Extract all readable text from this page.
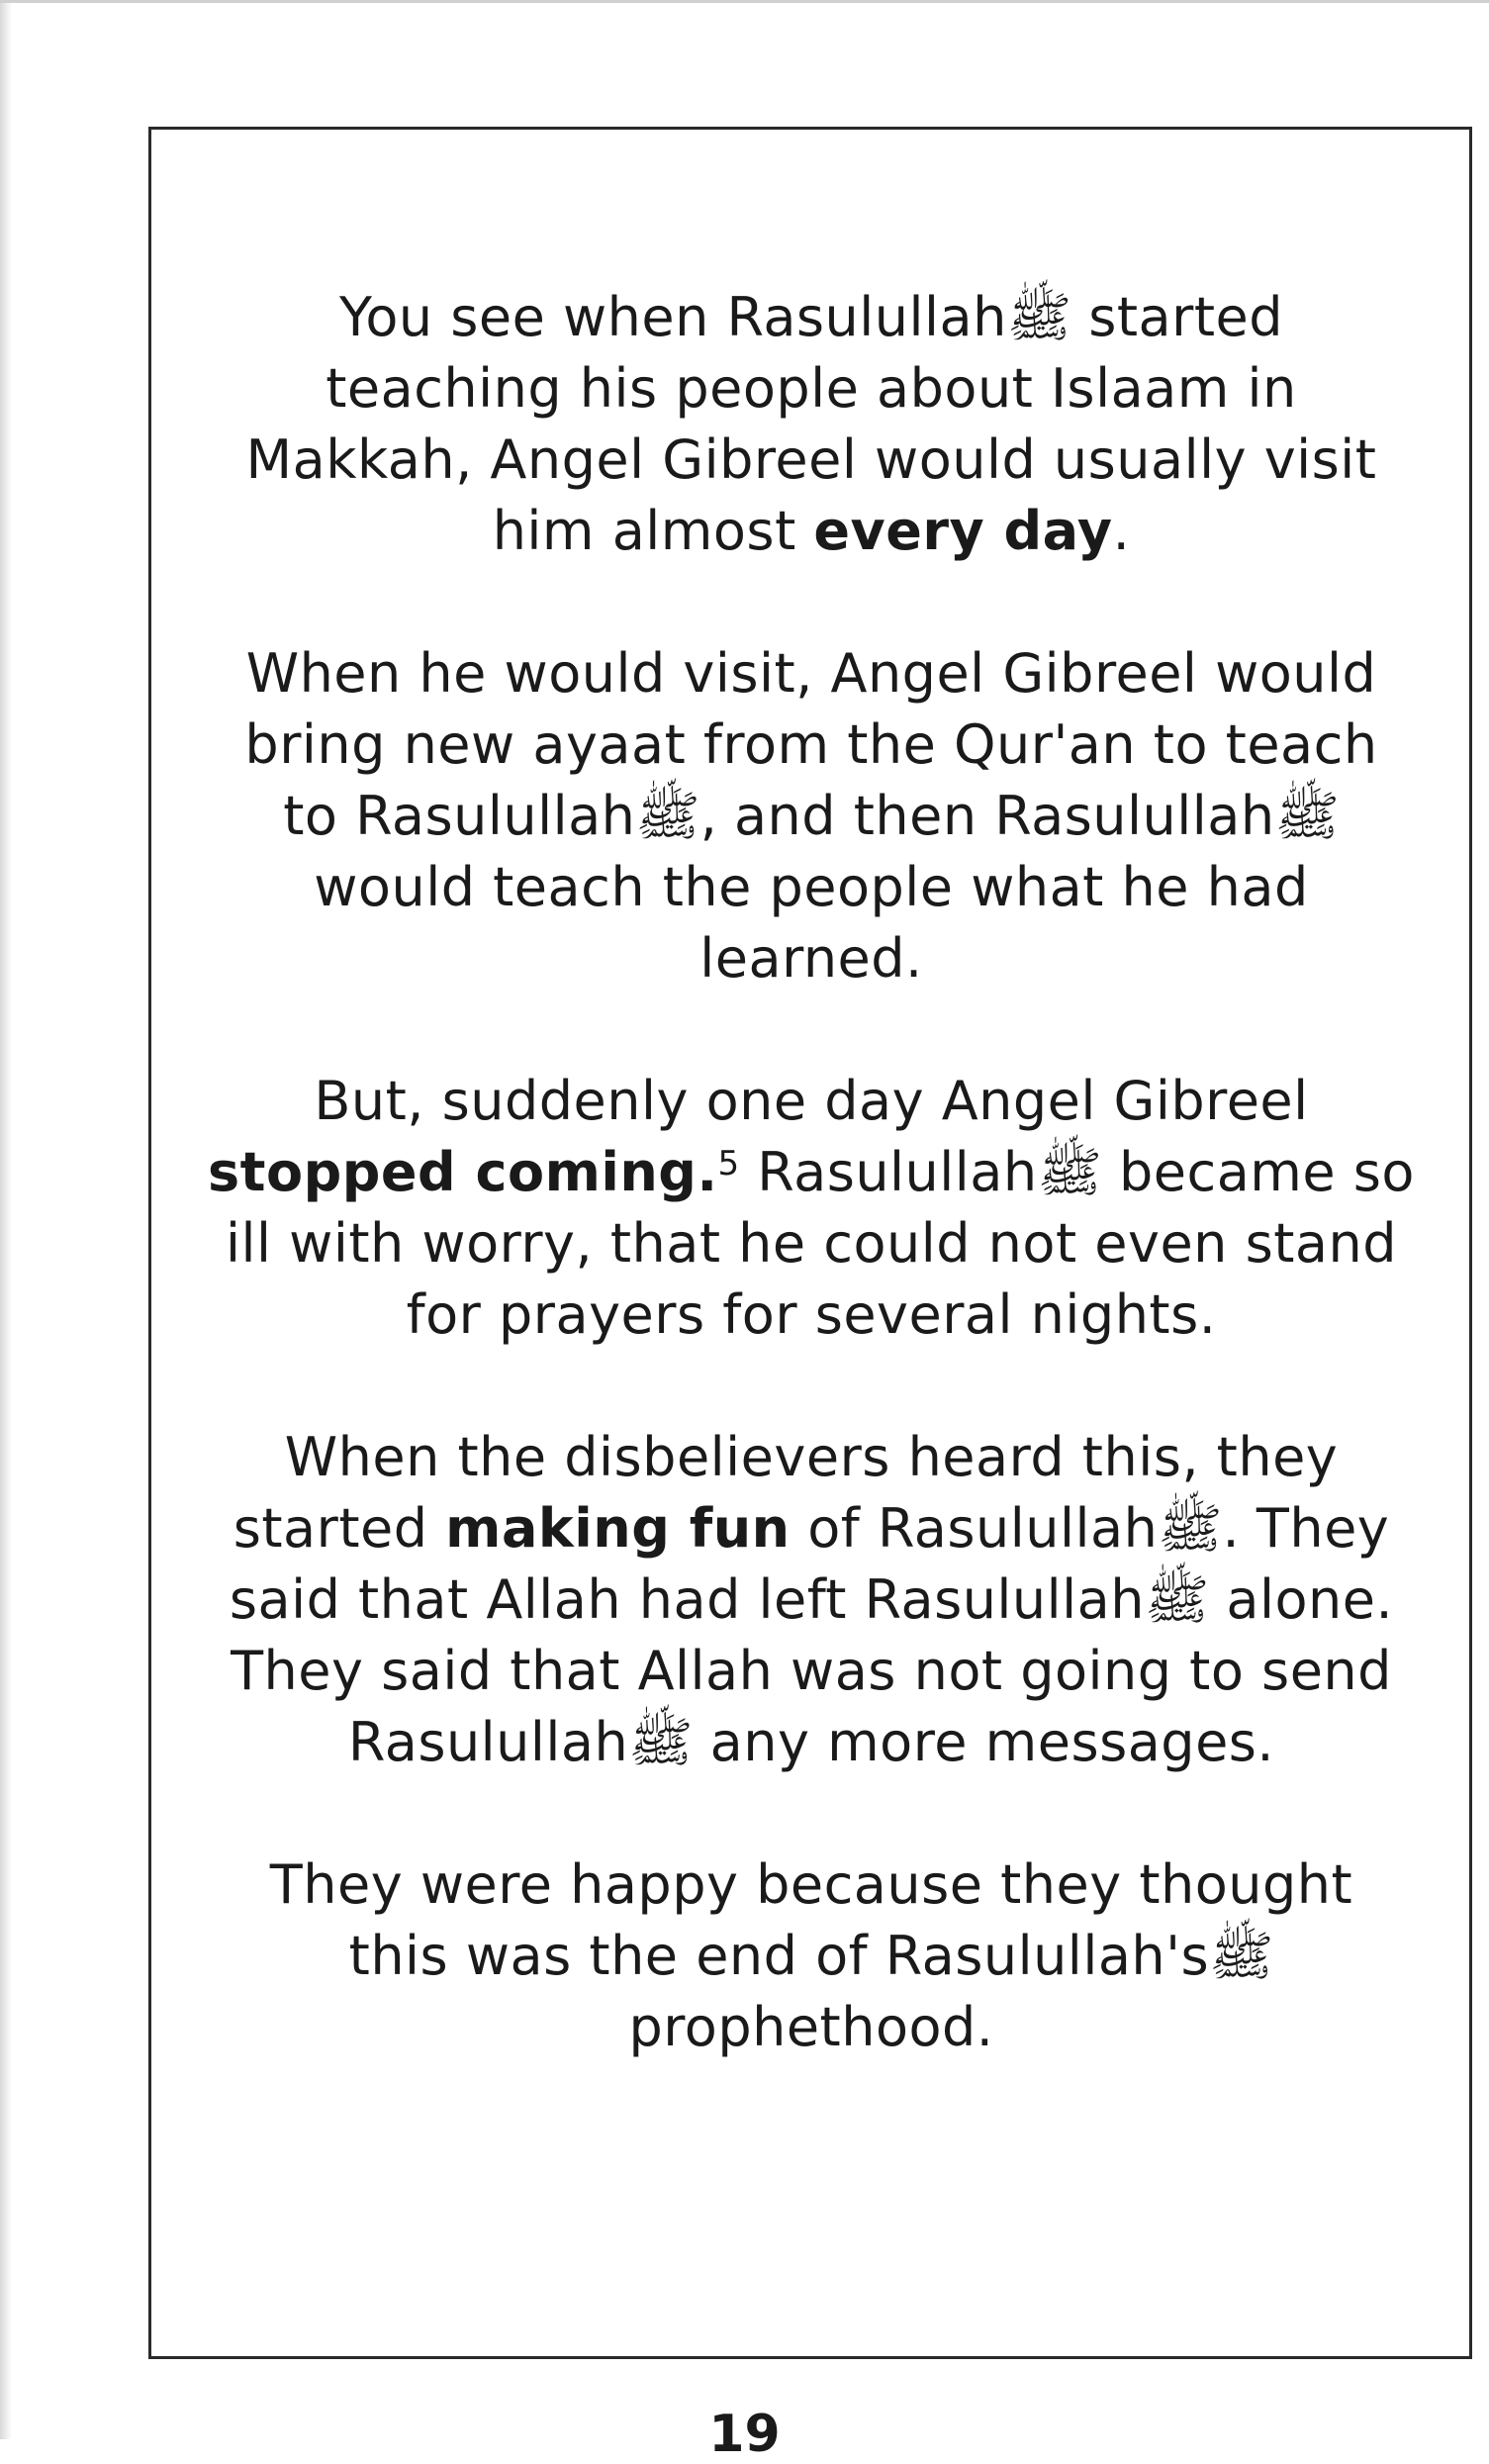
You see when Rasulullahﷺ started
teaching his people about Islaam in
Makkah, Angel Gibreel would usually visit
him almost every day.

When he would visit, Angel Gibreel would
bring new ayaat from the Qur'an to teach
to Rasulullahﷺ, and then Rasulullahﷺ
would teach the people what he had
learned.

But, suddenly one day Angel Gibreel
stopped coming.$^5$ Rasulullahﷺ became so
ill with worry, that he could not even stand
for prayers for several nights.

When the disbelievers heard this, they
started making fun of Rasulullahﷺ. They
said that Allah had left Rasulullahﷺ alone.
They said that Allah was not going to send
Rasulullahﷺ any more messages.

They were happy because they thought
this was the end of Rasulullah'sﷺ
prophethood.

19
